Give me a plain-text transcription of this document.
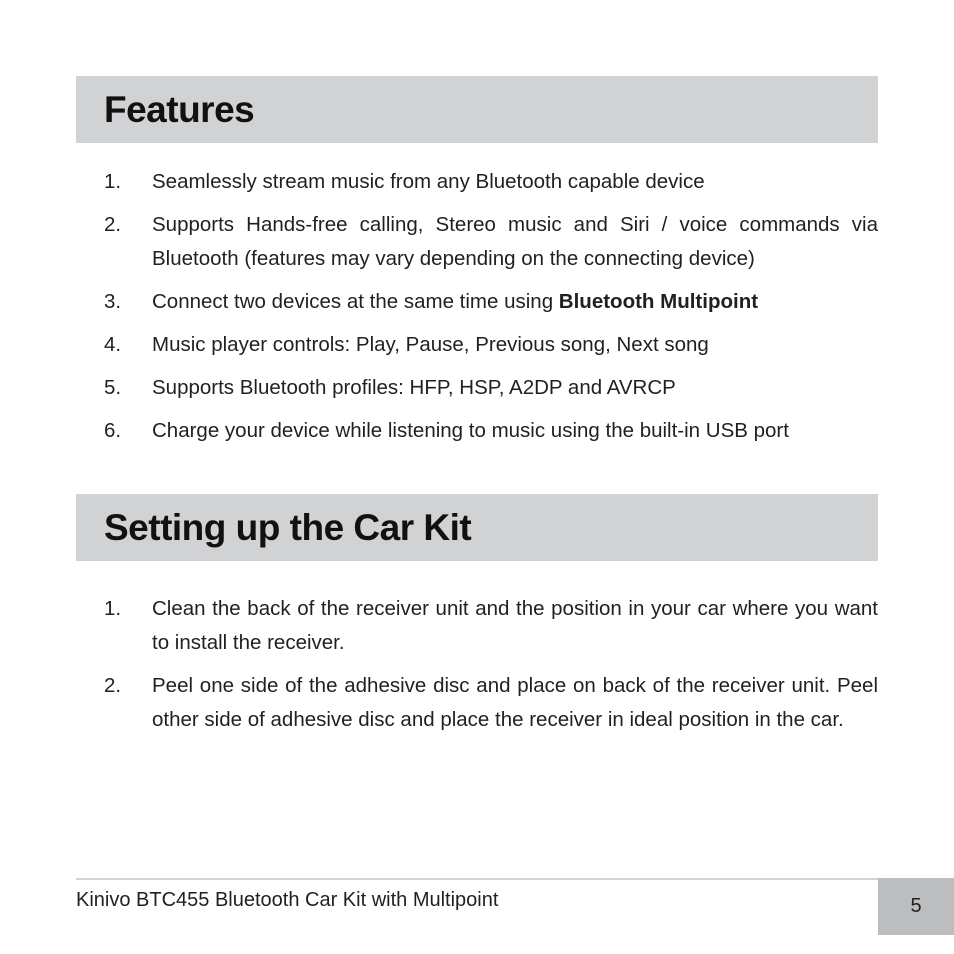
Features
1. Seamlessly stream music from any Bluetooth capable device
2. Supports Hands-free calling, Stereo music and Siri / voice commands via Bluetooth (features may vary depending on the connecting device)
3. Connect two devices at the same time using Bluetooth Multipoint
4. Music player controls: Play, Pause, Previous song, Next song
5. Supports Bluetooth profiles: HFP, HSP, A2DP and AVRCP
6. Charge your device while listening to music using the built-in USB port
Setting up the Car Kit
1. Clean the back of the receiver unit and the position in your car where you want to install the receiver.
2. Peel one side of the adhesive disc and place on back of the receiver unit. Peel other side of adhesive disc and place the receiver in ideal position in the car.
Kinivo BTC455 Bluetooth Car Kit with Multipoint	5
